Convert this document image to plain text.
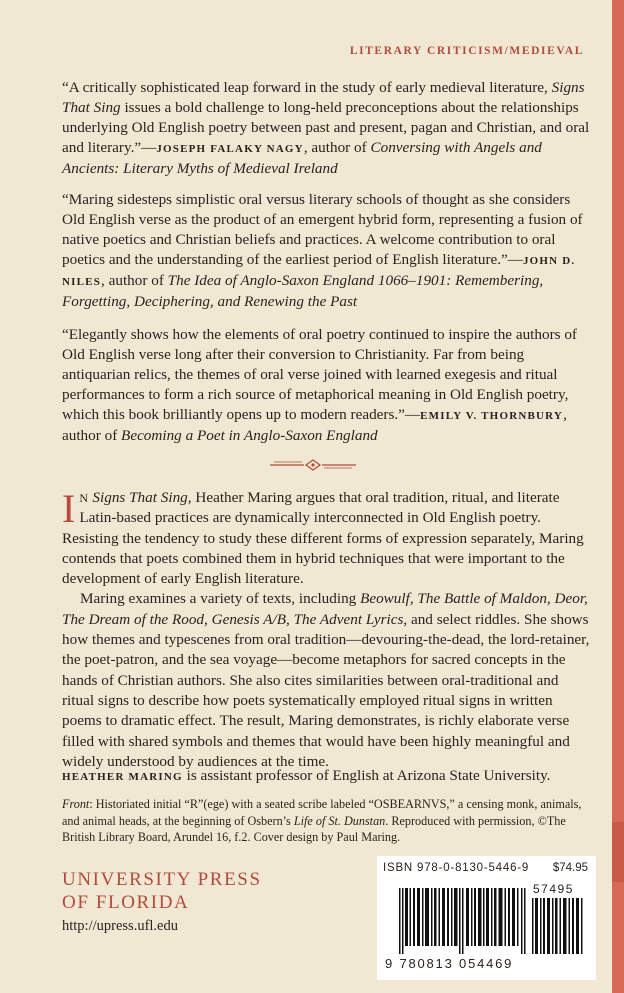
LITERARY CRITICISM/MEDIEVAL

“A critically sophisticated leap forward in the study of early medieval literature, Signs That Sing issues a bold challenge to long-held preconceptions about the relationships underlying Old English poetry between past and present, pagan and Christian, and oral and literary.”—JOSEPH FALAKY NAGY, author of Conversing with Angels and Ancients: Literary Myths of Medieval Ireland

“Maring sidesteps simplistic oral versus literary schools of thought as she considers Old English verse as the product of an emergent hybrid form, representing a fusion of native poetics and Christian beliefs and practices. A welcome contribution to oral poetics and the understanding of the earliest period of English literature.”—JOHN D. NILES, author of The Idea of Anglo-Saxon England 1066–1901: Remembering, Forgetting, Deciphering, and Renewing the Past

“Elegantly shows how the elements of oral poetry continued to inspire the authors of Old English verse long after their conversion to Christianity. Far from being antiquarian relics, the themes of oral verse joined with learned exegesis and ritual performances to form a rich source of metaphorical meaning in Old English poetry, which this book brilliantly opens up to modern readers.”—EMILY V. THORNBURY, author of Becoming a Poet in Anglo-Saxon England

I N Signs That Sing, Heather Maring argues that oral tradition, ritual, and literate Latin-based practices are dynamically interconnected in Old English poetry. Resisting the tendency to study these different forms of expression separately, Maring contends that poets combined them in hybrid techniques that were important to the development of early English literature.

Maring examines a variety of texts, including Beowulf, The Battle of Maldon, Deor, The Dream of the Rood, Genesis A/B, The Advent Lyrics, and select riddles. She shows how themes and typescenes from oral tradition—devouring-the-dead, the lord-retainer, the poet-patron, and the sea voyage—become metaphors for sacred concepts in the hands of Christian authors. She also cites similarities between oral-traditional and ritual signs to describe how poets systematically employed ritual signs in written poems to dramatic effect. The result, Maring demonstrates, is richly elaborate verse filled with shared symbols and themes that would have been highly meaningful and widely understood by audiences at the time.

HEATHER MARING is assistant professor of English at Arizona State University.

Front: Historiated initial “R”(ege) with a seated scribe labeled “OSBEARNVS,” a censing monk, animals, and animal heads, at the beginning of Osbern’s Life of St. Dunstan. Reproduced with permission, ©The British Library Board, Arundel 16, f.2. Cover design by Paul Maring.
UNIVERSITY PRESS
OF FLORIDA
http://upress.ufl.edu
ISBN 978-0-8130-5446-9 $74.95
57495
9 780813 054469
